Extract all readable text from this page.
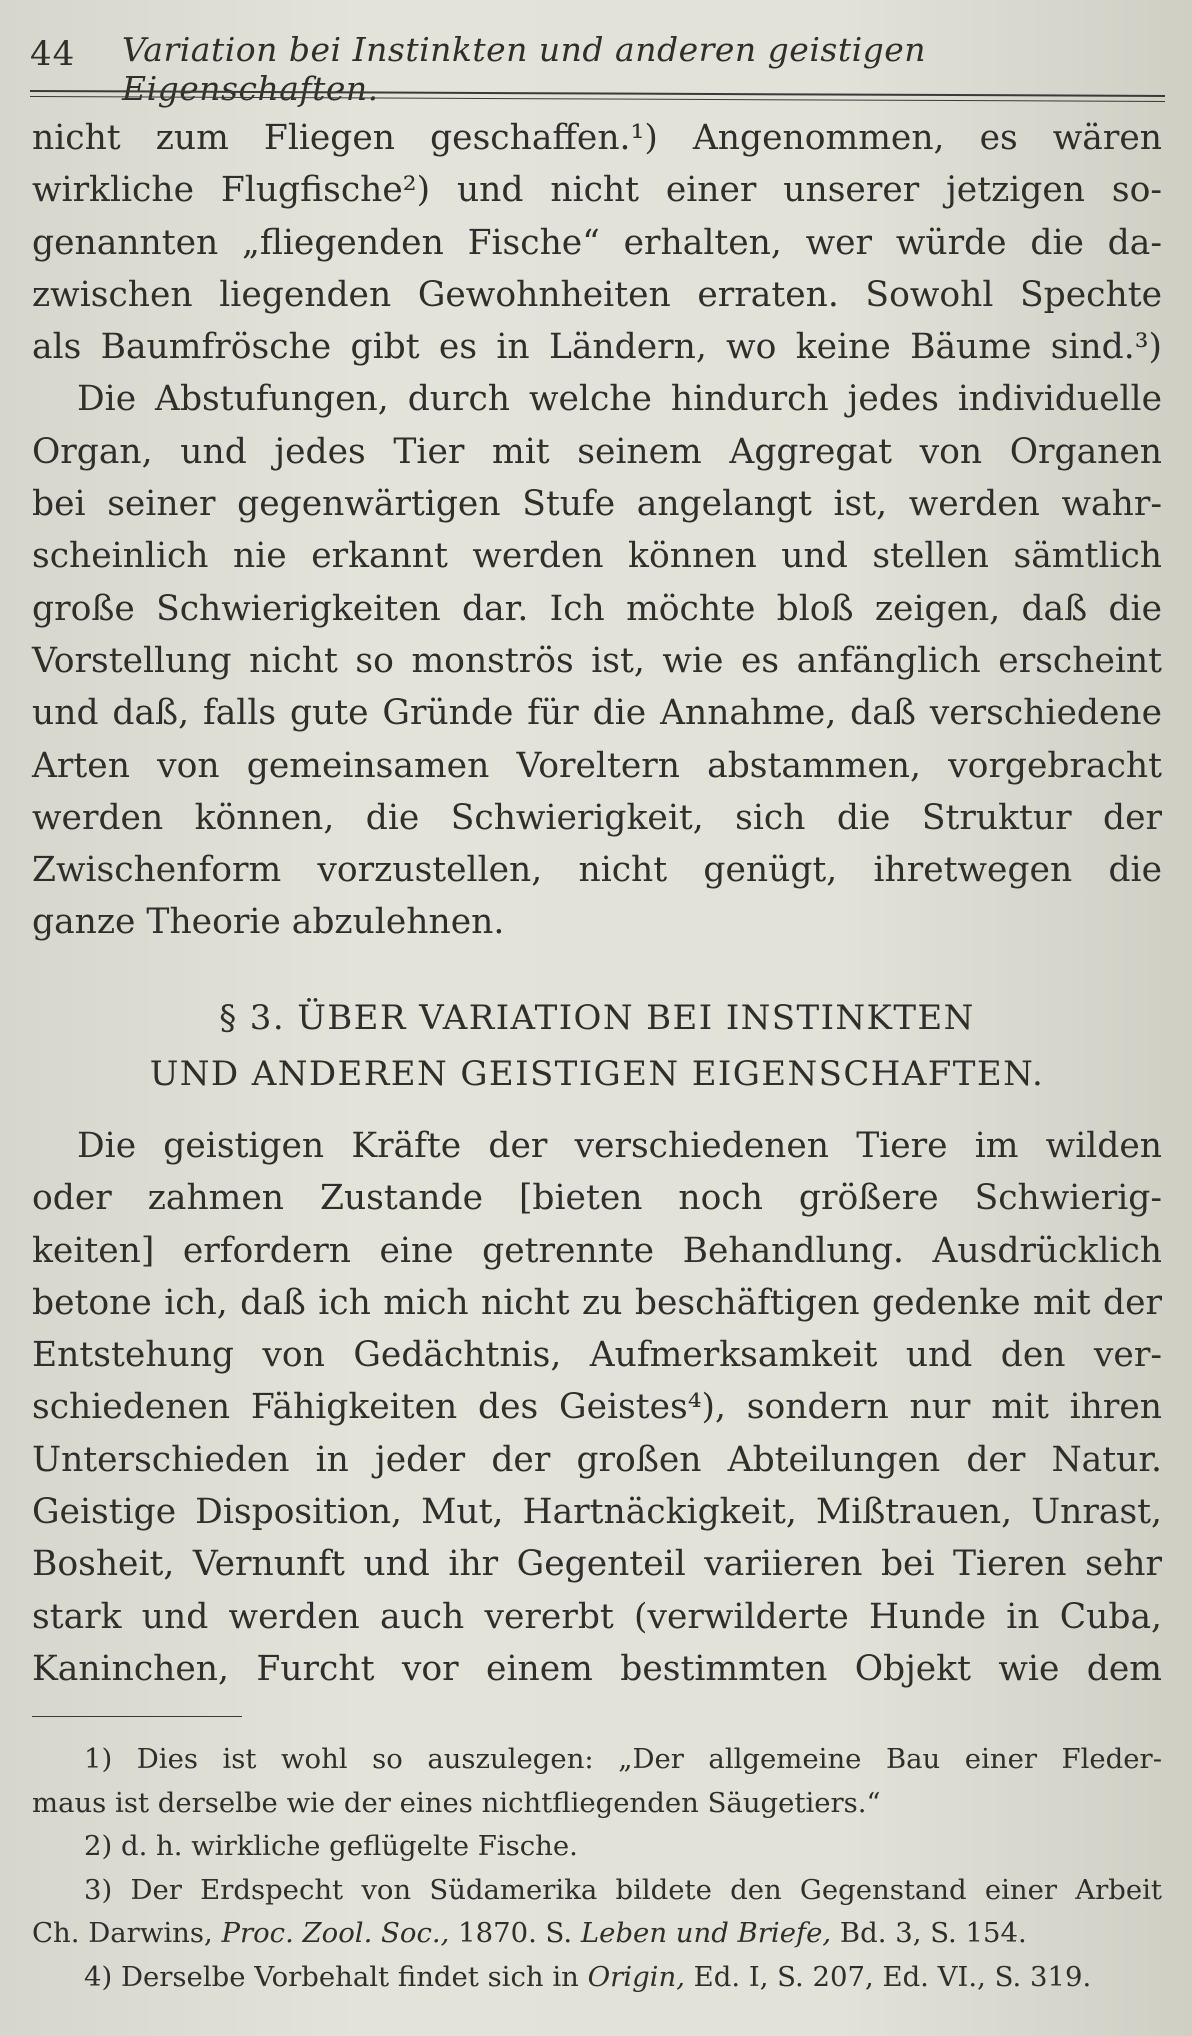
44 Variation bei Instinkten und anderen geistigen Eigenschaften.
nicht zum Fliegen geschaffen.¹) Angenommen, es wären
wirkliche Flugfische²) und nicht einer unserer jetzigen so-
genannten „fliegenden Fische“ erhalten, wer würde die da-
zwischen liegenden Gewohnheiten erraten. Sowohl Spechte
als Baumfrösche gibt es in Ländern, wo keine Bäume sind.³)
Die Abstufungen, durch welche hindurch jedes individuelle
Organ, und jedes Tier mit seinem Aggregat von Organen
bei seiner gegenwärtigen Stufe angelangt ist, werden wahr-
scheinlich nie erkannt werden können und stellen sämtlich
große Schwierigkeiten dar. Ich möchte bloß zeigen, daß die
Vorstellung nicht so monströs ist, wie es anfänglich erscheint
und daß, falls gute Gründe für die Annahme, daß verschiedene
Arten von gemeinsamen Voreltern abstammen, vorgebracht
werden können, die Schwierigkeit, sich die Struktur der
Zwischenform vorzustellen, nicht genügt, ihretwegen die
ganze Theorie abzulehnen.
§ 3. ÜBER VARIATION BEI INSTINKTEN
UND ANDEREN GEISTIGEN EIGENSCHAFTEN.
Die geistigen Kräfte der verschiedenen Tiere im wilden
oder zahmen Zustande [bieten noch größere Schwierig-
keiten] erfordern eine getrennte Behandlung. Ausdrücklich
betone ich, daß ich mich nicht zu beschäftigen gedenke mit der
Entstehung von Gedächtnis, Aufmerksamkeit und den ver-
schiedenen Fähigkeiten des Geistes⁴), sondern nur mit ihren
Unterschieden in jeder der großen Abteilungen der Natur.
Geistige Disposition, Mut, Hartnäckigkeit, Mißtrauen, Unrast,
Bosheit, Vernunft und ihr Gegenteil variieren bei Tieren sehr
stark und werden auch vererbt (verwilderte Hunde in Cuba,
Kaninchen, Furcht vor einem bestimmten Objekt wie dem
1) Dies ist wohl so auszulegen: „Der allgemeine Bau einer Fleder-
maus ist derselbe wie der eines nichtfliegenden Säugetiers.“
2) d. h. wirkliche geflügelte Fische.
3) Der Erdspecht von Südamerika bildete den Gegenstand einer Arbeit
Ch. Darwins, Proc. Zool. Soc., 1870. S. Leben und Briefe, Bd. 3, S. 154.
4) Derselbe Vorbehalt findet sich in Origin, Ed. I, S. 207, Ed. VI., S. 319.
